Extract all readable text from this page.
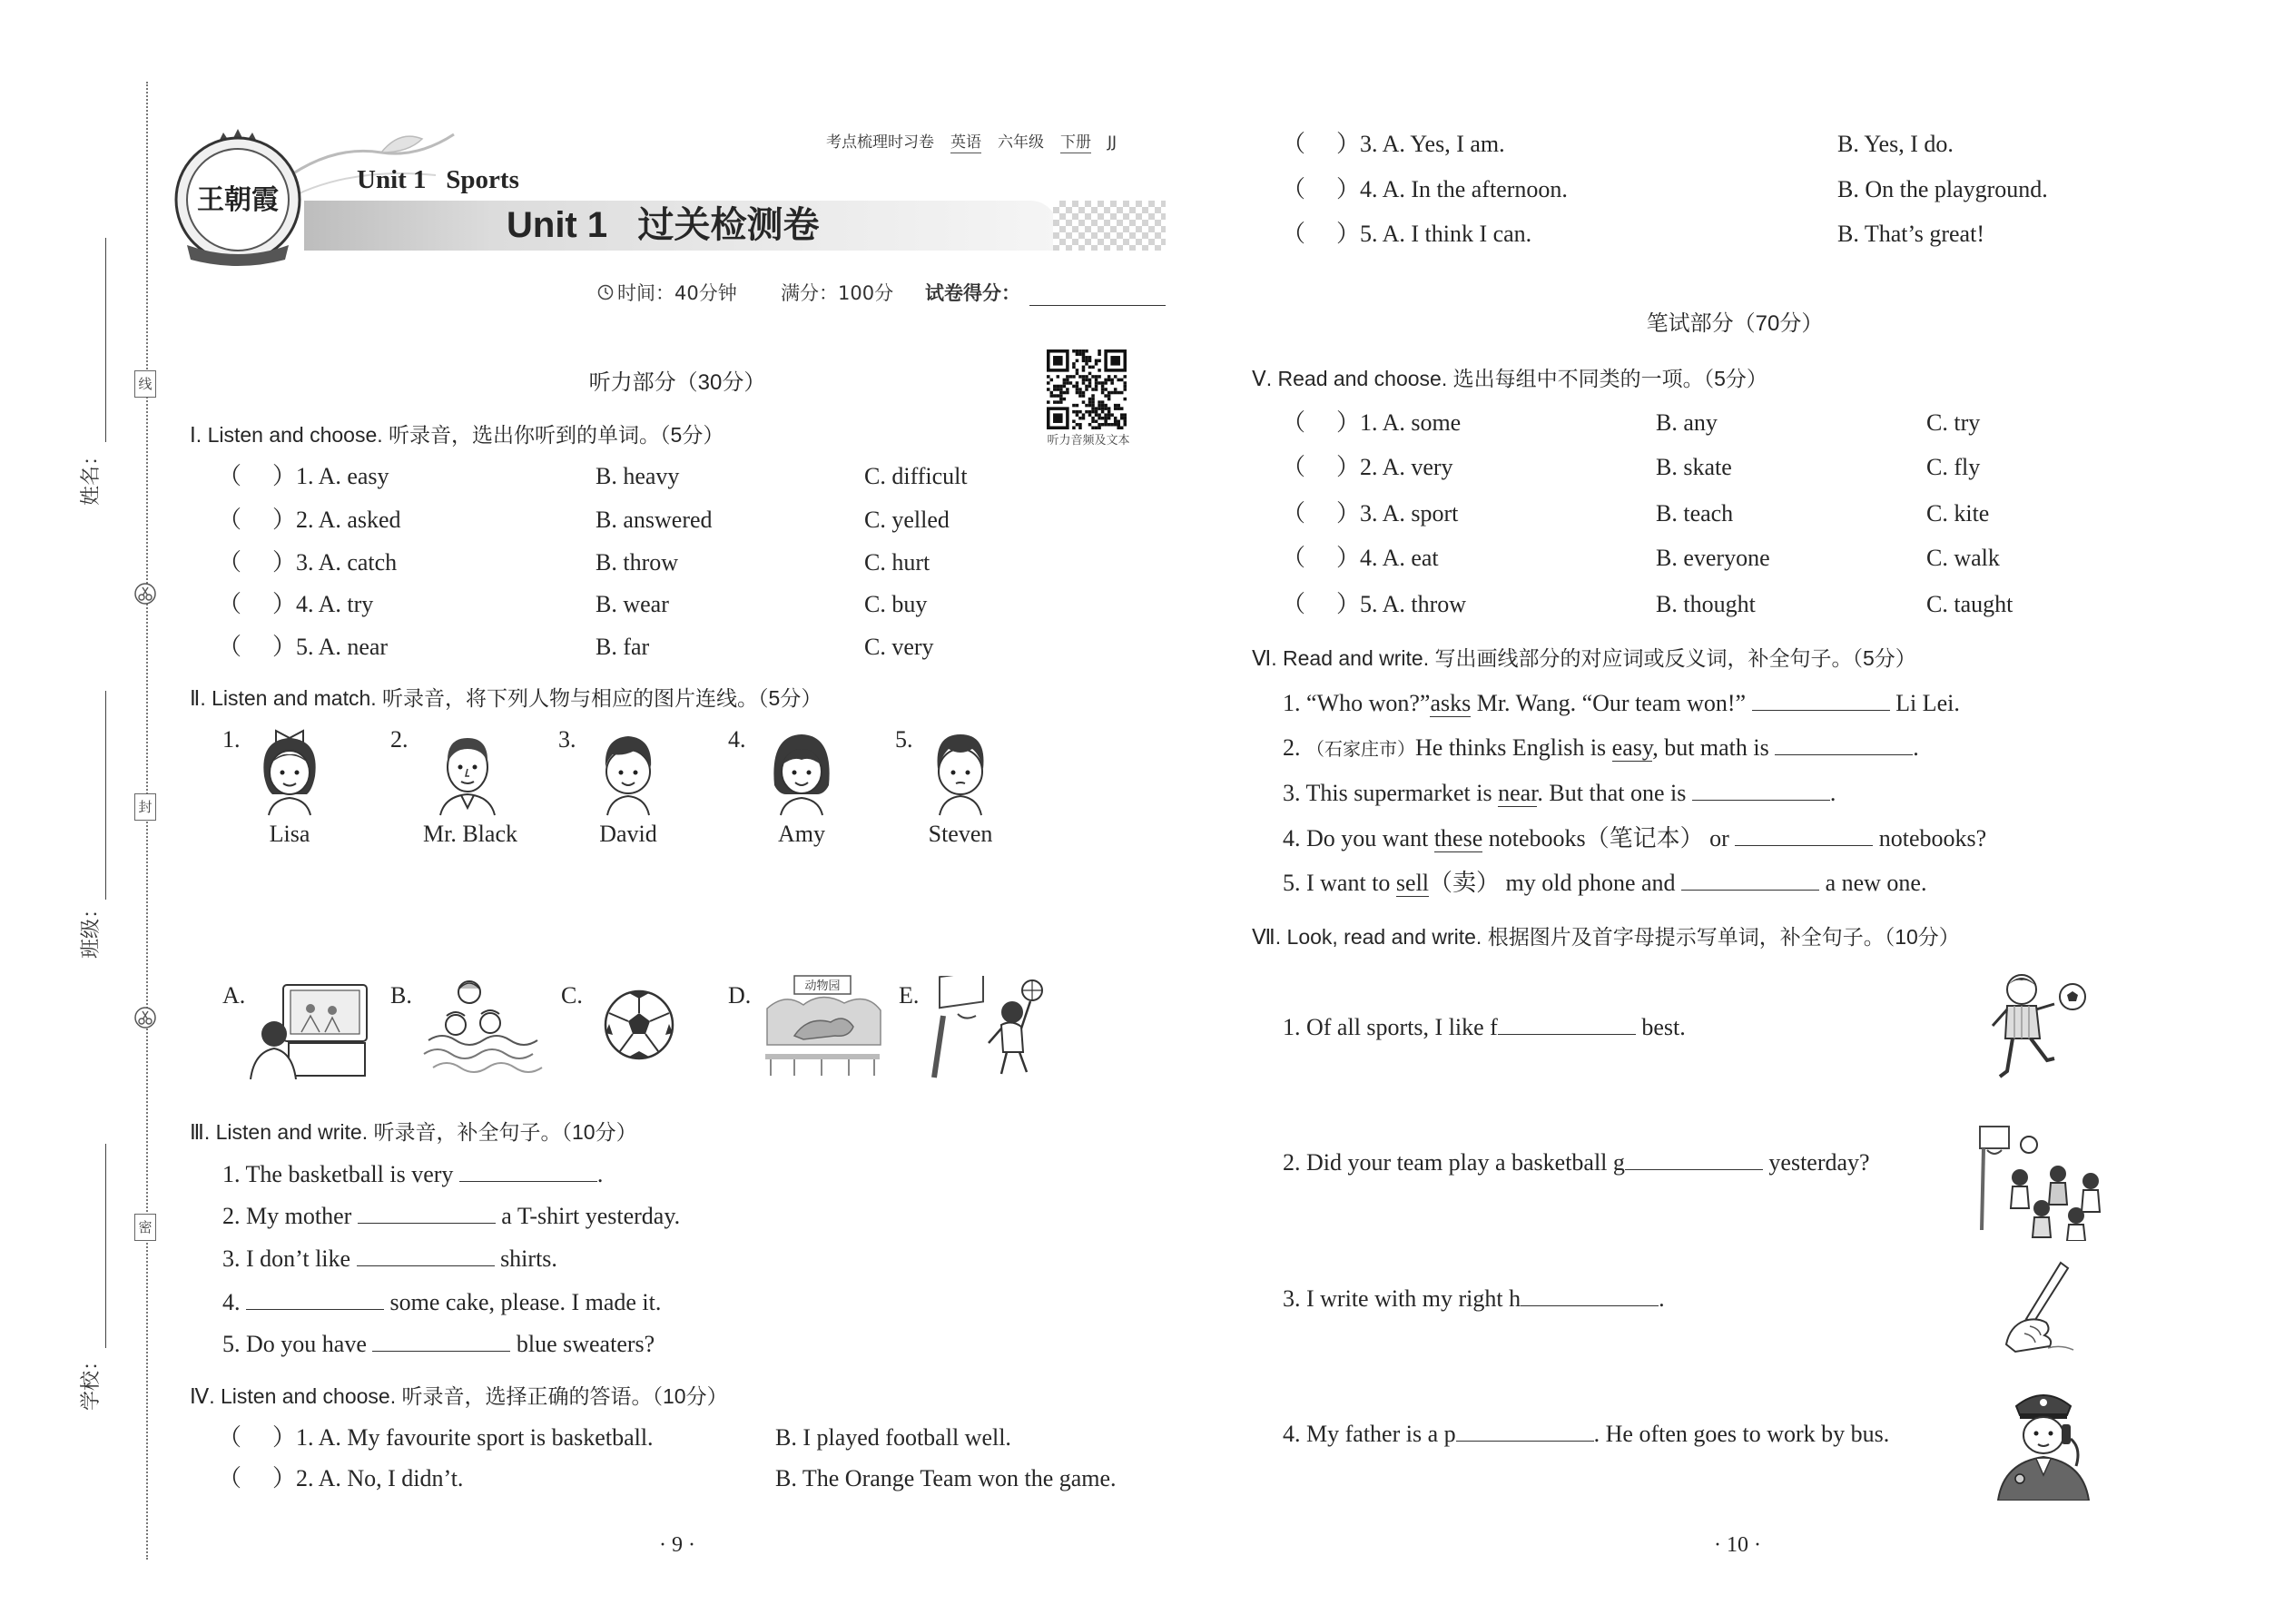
姓名：
班级：
学校：
线
封
密
考点梳理时习卷 英语 六年级 下册 JJ
王朝霞
Unit 1   Sports
Unit 1   过关检测卷
时间：40分钟 满分：100分 试卷得分：
听力部分（30分）
听力音频及文本
Ⅰ. Listen and choose. 听录音，选出你听到的单词。（5分）
（ ）1. A. easy	B. heavy	C. difficult
（ ）2. A. asked	B. answered	C. yelled
（ ）3. A. catch	B. throw	C. hurt
（ ）4. A. try	B. wear	C. buy
（ ）5. A. near	B. far	C. very
Ⅱ. Listen and match. 听录音，将下列人物与相应的图片连线。（5分）
1.	2.	3.	4.	5.
Lisa	Mr. Black	David	Amy	Steven
A.	B.	C.	D.	E.
动物园
Ⅲ. Listen and write. 听录音，补全句子。（10分）
1. The basketball is very	.
2. My mother	a T-shirt yesterday.
3. I don’t like	shirts.
4.	some cake, please. I made it.
5. Do you have	blue sweaters?
Ⅳ. Listen and choose. 听录音，选择正确的答语。（10分）
（ ）1. A. My favourite sport is basketball.	B. I played football well.
（ ）2. A. No, I didn’t.	B. The Orange Team won the game.
· 9 ·
（ ）3. A. Yes, I am.	B. Yes, I do.
（ ）4. A. In the afternoon.	B. On the playground.
（ ）5. A. I think I can.	B. That’s great!
笔试部分（70分）
Ⅴ. Read and choose. 选出每组中不同类的一项。（5分）
（ ）1. A. some	B. any	C. try
（ ）2. A. very	B. skate	C. fly
（ ）3. A. sport	B. teach	C. kite
（ ）4. A. eat	B. everyone	C. walk
（ ）5. A. throw	B. thought	C. taught
Ⅵ. Read and write. 写出画线部分的对应词或反义词，补全句子。（5分）
1. “Who won?”asks Mr. Wang. “Our team won!”	Li Lei.
2. （石家庄市）He thinks English is easy, but math is	.
3. This supermarket is near. But that one is	.
4. Do you want these notebooks（笔记本） or	notebooks?
5. I want to sell（卖） my old phone and	a new one.
Ⅶ. Look, read and write. 根据图片及首字母提示写单词，补全句子。（10分）
1. Of all sports, I like f	best.
2. Did your team play a basketball g	yesterday?
3. I write with my right h	.
4. My father is a p	. He often goes to work by bus.
· 10 ·
